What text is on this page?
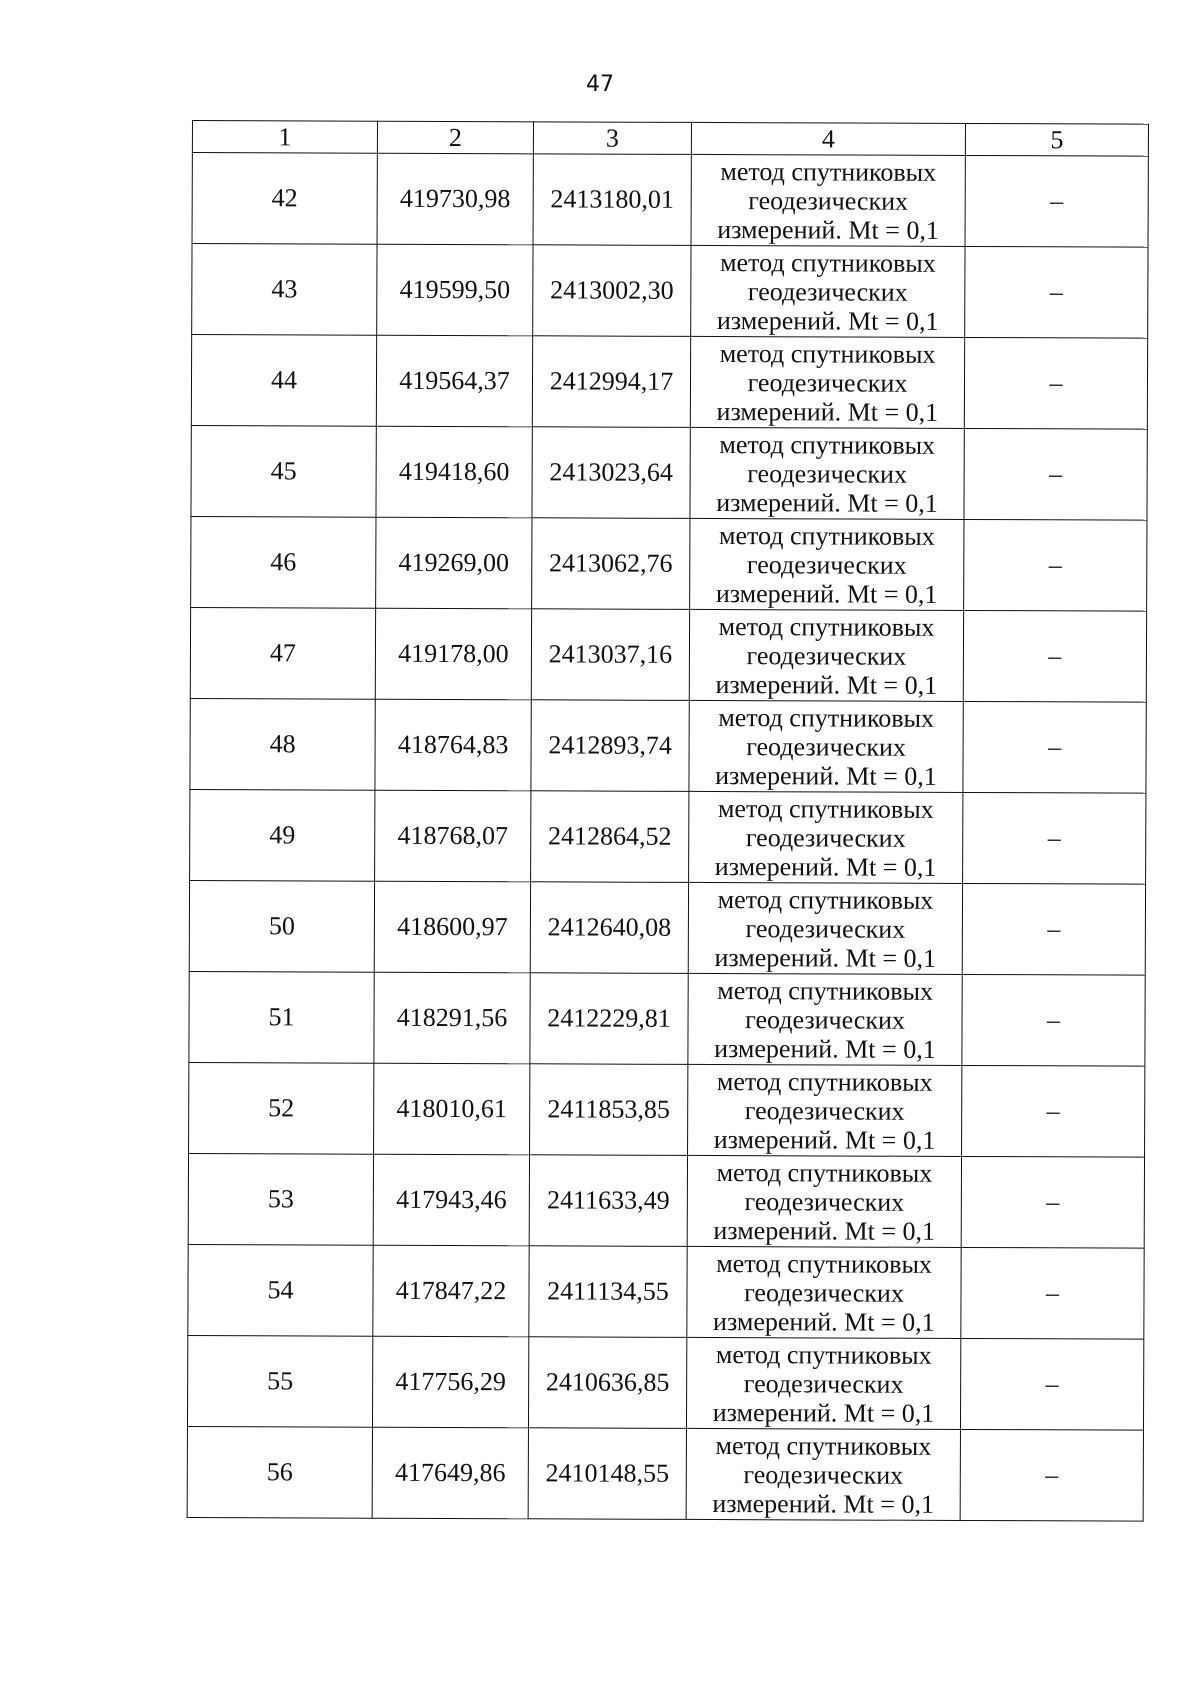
47
1	2	3	4	5
42	419730,98	2413180,01	метод спутниковых
геодезических
измерений. Mt = 0,1	–
43	419599,50	2413002,30	метод спутниковых
геодезических
измерений. Mt = 0,1	–
44	419564,37	2412994,17	метод спутниковых
геодезических
измерений. Mt = 0,1	–
45	419418,60	2413023,64	метод спутниковых
геодезических
измерений. Mt = 0,1	–
46	419269,00	2413062,76	метод спутниковых
геодезических
измерений. Mt = 0,1	–
47	419178,00	2413037,16	метод спутниковых
геодезических
измерений. Mt = 0,1	–
48	418764,83	2412893,74	метод спутниковых
геодезических
измерений. Mt = 0,1	–
49	418768,07	2412864,52	метод спутниковых
геодезических
измерений. Mt = 0,1	–
50	418600,97	2412640,08	метод спутниковых
геодезических
измерений. Mt = 0,1	–
51	418291,56	2412229,81	метод спутниковых
геодезических
измерений. Mt = 0,1	–
52	418010,61	2411853,85	метод спутниковых
геодезических
измерений. Mt = 0,1	–
53	417943,46	2411633,49	метод спутниковых
геодезических
измерений. Mt = 0,1	–
54	417847,22	2411134,55	метод спутниковых
геодезических
измерений. Mt = 0,1	–
55	417756,29	2410636,85	метод спутниковых
геодезических
измерений. Mt = 0,1	–
56	417649,86	2410148,55	метод спутниковых
геодезических
измерений. Mt = 0,1	–
